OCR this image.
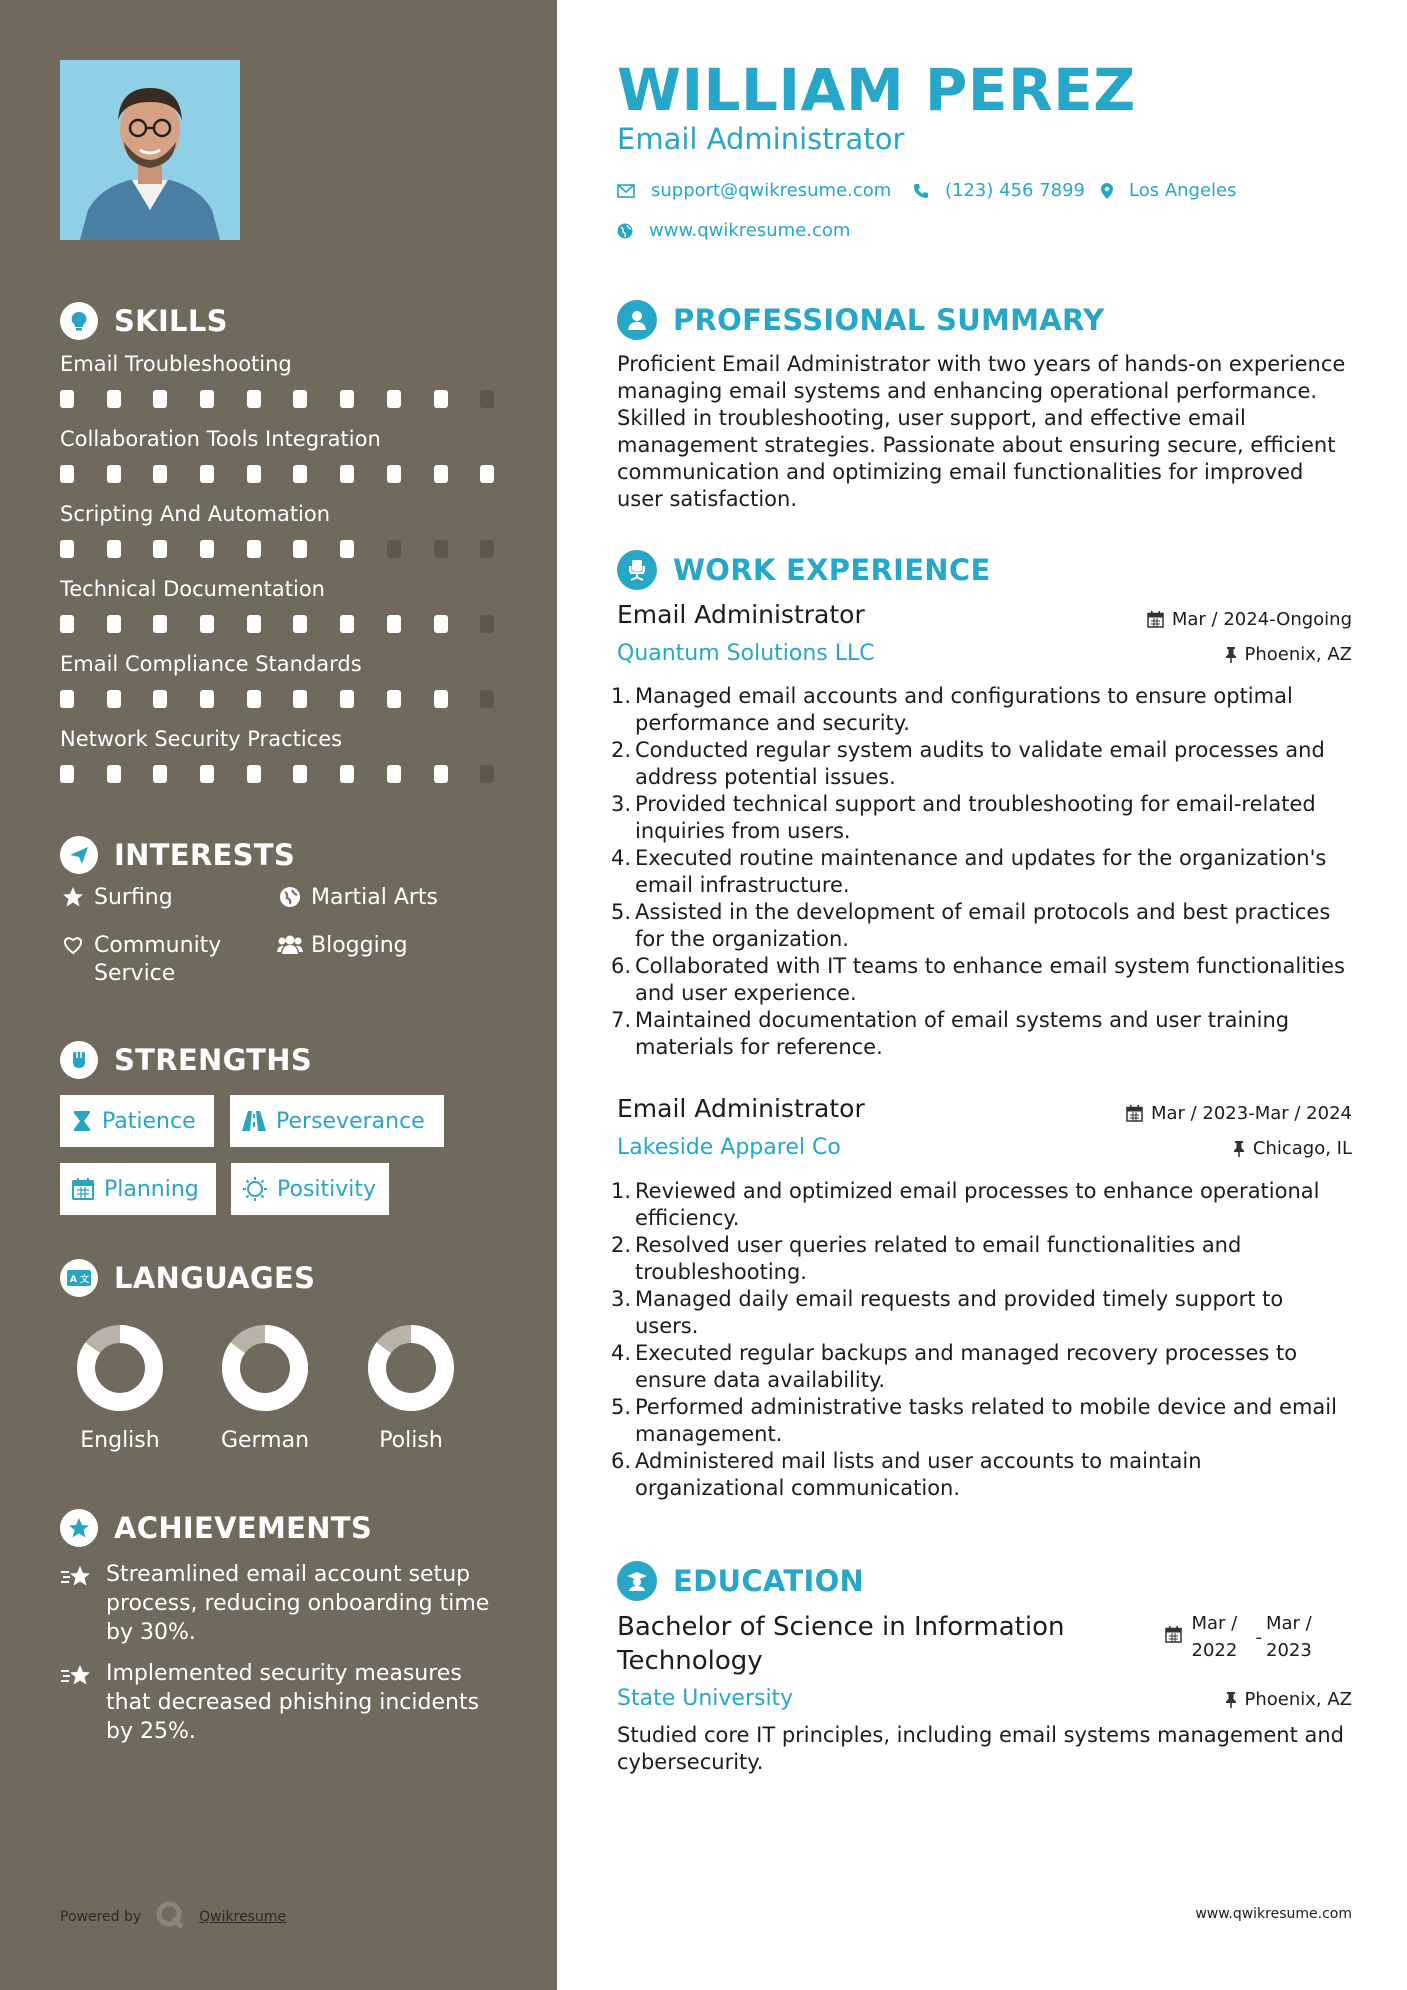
SKILLS
Email Troubleshooting
Collaboration Tools Integration
Scripting And Automation
Technical Documentation
Email Compliance Standards
Network Security Practices
INTERESTS
Surfing	Martial Arts
Community Service
Blogging
STRENGTHS
Patience	Perseverance
Planning	Positivity
A 文 LANGUAGES
English	German	Polish
ACHIEVEMENTS
Streamlined email account setup process, reducing onboarding time by 30%.
Implemented security measures that decreased phishing incidents by 25%.
Powered by	Qwikresume
WILLIAM PEREZ
Email Administrator
support@qwikresume.com	(123) 456 7899 Los Angeles
www.qwikresume.com
PROFESSIONAL SUMMARY

Proficient Email Administrator with two years of hands-on experience managing email systems and enhancing operational performance. Skilled in troubleshooting, user support, and effective email management strategies. Passionate about ensuring secure, efficient communication and optimizing email functionalities for improved user satisfaction.

WORK EXPERIENCE
Email Administrator	Mar / 2024-Ongoing
Quantum Solutions LLC	Phoenix, AZ
1. Managed email accounts and configurations to ensure optimal performance and security.
2. Conducted regular system audits to validate email processes and address potential issues.
3. Provided technical support and troubleshooting for email-related inquiries from users.
4. Executed routine maintenance and updates for the organization's email infrastructure.
5. Assisted in the development of email protocols and best practices for the organization.
6. Collaborated with IT teams to enhance email system functionalities and user experience.
7. Maintained documentation of email systems and user training materials for reference.
Email Administrator	Mar / 2023-Mar / 2024
Lakeside Apparel Co	Chicago, IL
1. Reviewed and optimized email processes to enhance operational efficiency.
2. Resolved user queries related to email functionalities and troubleshooting.
3. Managed daily email requests and provided timely support to users.
4. Executed regular backups and managed recovery processes to ensure data availability.
5. Performed administrative tasks related to mobile device and email management.
6. Administered mail lists and user accounts to maintain organizational communication.
EDUCATION
Bachelor of Science in Information Technology
Mar /
2022
-
Mar /
2023
State University	Phoenix, AZ

Studied core IT principles, including email systems management and cybersecurity.

www.qwikresume.com
